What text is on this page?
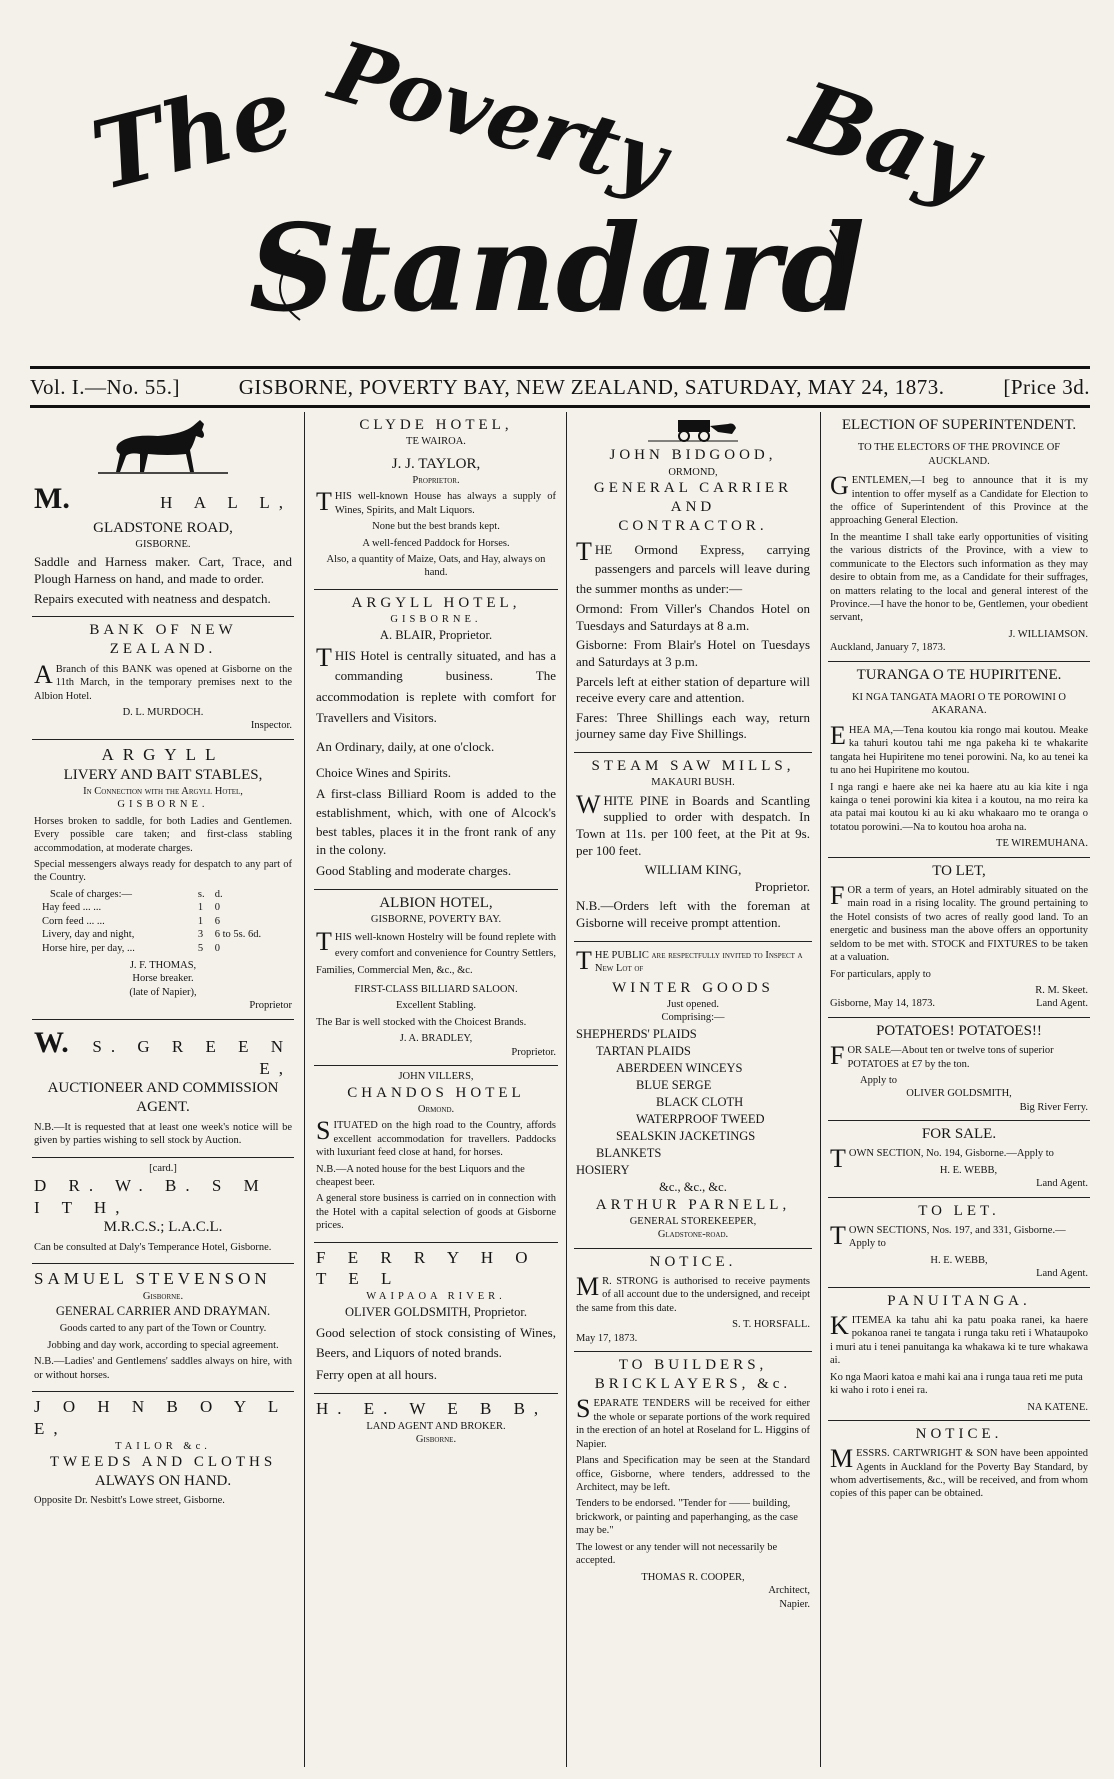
The Poverty Bay
Standard
Vol. I.—No. 55.]	GISBORNE, POVERTY BAY, NEW ZEALAND, SATURDAY, MAY 24, 1873.	[Price 3d.
M.	H A L L,
GLADSTONE ROAD,
GISBORNE.

Saddle and Harness maker. Cart, Trace, and Plough Harness on hand, and made to order.

Repairs executed with neatness and despatch.

BANK OF NEW ZEALAND.

ABranch of this BANK was opened at Gisborne on the 11th March, in the temporary premises next to the Albion Hotel.

D. L. MURDOCH.
Inspector.
ARGYLL
LIVERY AND BAIT STABLES,
In Connection with the Argyll Hotel,
GISBORNE.

Horses broken to saddle, for both Ladies and Gentlemen. Every possible care taken; and first-class stabling accommodation, at moderate charges.

Special messengers always ready for despatch to any part of the Country.

Scale of charges:—	s.	d.
Hay feed ... ...	1	0
Corn feed ... ...	1	6
Livery, day and night,	3	6 to 5s. 6d.
Horse hire, per day, ...	5	0
J. F. THOMAS,
Horse breaker.
(late of Napier),
Proprietor
W.	S. G R E E N E,
AUCTIONEER AND COMMISSION
AGENT.

N.B.—It is requested that at least one week's notice will be given by parties wishing to sell stock by Auction.

[card.]
D R. W. B. S M I T H,
M.R.C.S.; L.A.C.L.

Can be consulted at Daly's Temperance Hotel, Gisborne.

SAMUEL STEVENSON
Gisborne.
GENERAL CARRIER AND DRAYMAN.

Goods carted to any part of the Town or Country.

Jobbing and day work, according to special agreement.

N.B.—Ladies' and Gentlemens' saddles always on hire, with or without horses.

J O H N B O Y L E,
TAILOR &c.
TWEEDS AND CLOTHS
ALWAYS ON HAND.

Opposite Dr. Nesbitt's Lowe street, Gisborne.

CLYDE HOTEL,
TE WAIROA.
J. J. TAYLOR,
Proprietor.

THIS well-known House has always a supply of Wines, Spirits, and Malt Liquors.

None but the best brands kept.

A well-fenced Paddock for Horses.

Also, a quantity of Maize, Oats, and Hay, always on hand.

ARGYLL HOTEL,
GISBORNE.
A. BLAIR, Proprietor.

THIS Hotel is centrally situated, and has a commanding business. The accommodation is replete with comfort for Travellers and Visitors.

An Ordinary, daily, at one o'clock.

Choice Wines and Spirits.

A first-class Billiard Room is added to the establishment, which, with one of Alcock's best tables, places it in the front rank of any in the colony.

Good Stabling and moderate charges.

ALBION HOTEL,
GISBORNE, POVERTY BAY.

THIS well-known Hostelry will be found replete with every comfort and convenience for Country Settlers, Families, Commercial Men, &c., &c.

FIRST-CLASS BILLIARD SALOON.

Excellent Stabling.

The Bar is well stocked with the Choicest Brands.

J. A. BRADLEY,
Proprietor.
JOHN VILLERS,
CHANDOS HOTEL
Ormond.

SITUATED on the high road to the Country, affords excellent accommodation for travellers. Paddocks with luxuriant feed close at hand, for horses.

N.B.—A noted house for the best Liquors and the cheapest beer.

A general store business is carried on in connection with the Hotel with a capital selection of goods at Gisborne prices.

F E R R Y H O T E L
WAIPAOA RIVER.
OLIVER GOLDSMITH, Proprietor.

Good selection of stock consisting of Wines, Beers, and Liquors of noted brands.

Ferry open at all hours.

H. E. W E B B,
LAND AGENT AND BROKER.
Gisborne.
JOHN BIDGOOD,
ORMOND,
GENERAL CARRIER AND
CONTRACTOR.

THE Ormond Express, carrying passengers and parcels will leave during the summer months as under:—

Ormond: From Viller's Chandos Hotel on Tuesdays and Saturdays at 8 a.m.

Gisborne: From Blair's Hotel on Tuesdays and Saturdays at 3 p.m.

Parcels left at either station of departure will receive every care and attention.

Fares: Three Shillings each way, return journey same day Five Shillings.

STEAM SAW MILLS,
MAKAURI BUSH.

WHITE PINE in Boards and Scantling supplied to order with despatch. In Town at 11s. per 100 feet, at the Pit at 9s. per 100 feet.

WILLIAM KING,
Proprietor.

N.B.—Orders left with the foreman at Gisborne will receive prompt attention.

THE PUBLIC are respectfully invited to Inspect a New Lot of

WINTER GOODS
Just opened.
Comprising:—

SHEPHERDS' PLAIDS

TARTAN PLAIDS

ABERDEEN WINCEYS

BLUE SERGE

BLACK CLOTH

WATERPROOF TWEED

SEALSKIN JACKETINGS

BLANKETS

HOSIERY

&c., &c., &c.

ARTHUR PARNELL,
GENERAL STOREKEEPER,
Gladstone-road.
NOTICE.

MR. STRONG is authorised to receive payments of all account due to the undersigned, and receipt the same from this date.

S. T. HORSFALL.
May 17, 1873.
TO BUILDERS, BRICKLAYERS, &c.

SEPARATE TENDERS will be received for either the whole or separate portions of the work required in the erection of an hotel at Roseland for L. Higgins of Napier.

Plans and Specification may be seen at the Standard office, Gisborne, where tenders, addressed to the Architect, may be left.

Tenders to be endorsed. "Tender for —— building, brickwork, or painting and paperhanging, as the case may be."

The lowest or any tender will not necessarily be accepted.

THOMAS R. COOPER,
Architect,
Napier.
ELECTION OF SUPERINTENDENT.
TO THE ELECTORS OF THE PROVINCE OF AUCKLAND.

GENTLEMEN,—I beg to announce that it is my intention to offer myself as a Candidate for Election to the office of Superintendent of this Province at the approaching General Election.

In the meantime I shall take early opportunities of visiting the various districts of the Province, with a view to communicate to the Electors such information as they may desire to obtain from me, as a Candidate for their suffrages, on matters relating to the local and general interest of the Province.—I have the honor to be, Gentlemen, your obedient servant,

J. WILLIAMSON.
Auckland, January 7, 1873.
TURANGA O TE HUPIRITENE.
KI NGA TANGATA MAORI O TE POROWINI O AKARANA.

EHEA MA,—Tena koutou kia rongo mai koutou. Meake ka tahuri koutou tahi me nga pakeha ki te whakarite tangata hei Hupiritene mo tenei porowini. Na, ko au tenei ka tu ano hei Hupiritene mo koutou.

I nga rangi e haere ake nei ka haere atu au kia kite i nga kainga o tenei porowini kia kitea i a koutou, na mo reira ka ata patai mai koutou ki au ki aku whakaaro mo te oranga o totatou porowini.—Na to koutou hoa aroha na.

TE WIREMUHANA.
TO LET,

FOR a term of years, an Hotel admirably situated on the main road in a rising locality. The ground pertaining to the Hotel consists of two acres of really good land. To an energetic and business man the above offers an opportunity seldom to be met with. STOCK and FIXTURES to be taken at a valuation.

For particulars, apply to

R. M. Skeet.
Gisborne, May 14, 1873.	Land Agent.
POTATOES! POTATOES!!

FOR SALE—About ten or twelve tons of superior POTATOES at £7 by the ton.

Apply to
OLIVER GOLDSMITH,
Big River Ferry.
FOR SALE.

TOWN SECTION, No. 194, Gisborne.—Apply to

H. E. WEBB,
Land Agent.
TO LET.

TOWN SECTIONS, Nos. 197, and 331, Gisborne.—Apply to

H. E. WEBB,
Land Agent.
PANUITANGA.

KITEMEA ka tahu ahi ka patu poaka ranei, ka haere pokanoa ranei te tangata i runga taku reti i Whataupoko i muri atu i tenei panuitanga ka whakawa ki te ture whakawa ai.

Ko nga Maori katoa e mahi kai ana i runga taua reti me puta ki waho i roto i enei ra.

NA KATENE.
NOTICE.

MESSRS. CARTWRIGHT & SON have been appointed Agents in Auckland for the Poverty Bay Standard, by whom advertisements, &c., will be received, and from whom copies of this paper can be obtained.
